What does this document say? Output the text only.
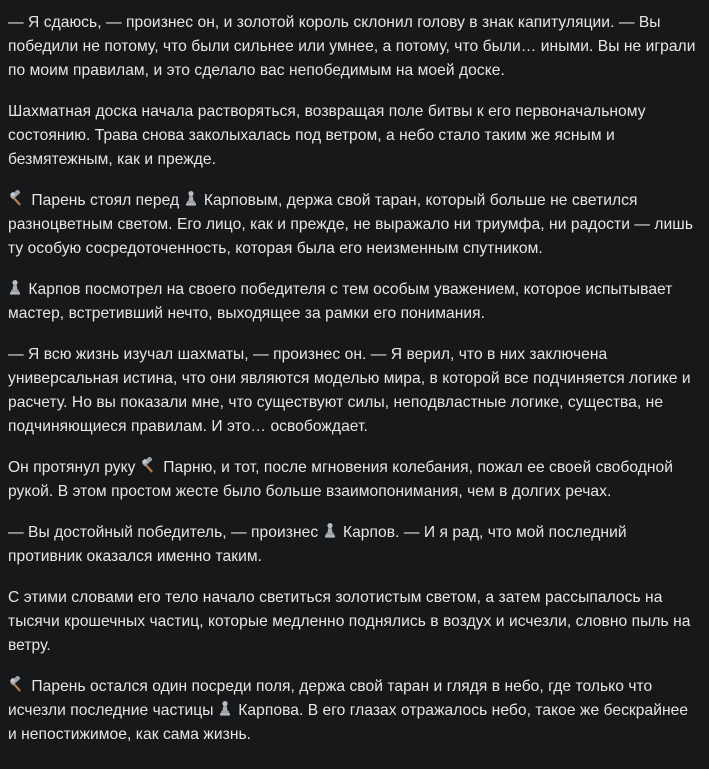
— Я сдаюсь, — произнес он, и золотой король склонил голову в знак капитуляции. — Вы победили не потому, что были сильнее или умнее, а потому, что были… иными. Вы не играли по моим правилам, и это сделало вас непобедимым на моей доске.

Шахматная доска начала растворяться, возвращая поле битвы к его первоначальному состоянию. Трава снова заколыхалась под ветром, а небо стало таким же ясным и безмятежным, как и прежде.

Парень стоял перед
Карповым, держа свой таран, который больше не светился разноцветным светом. Его лицо, как и прежде, не выражало ни триумфа, ни радости — лишь ту особую сосредоточенность, которая была его неизменным спутником.

Карпов посмотрел на своего победителя с тем особым уважением, которое испытывает мастер, встретивший нечто, выходящее за рамки его понимания.

— Я всю жизнь изучал шахматы, — произнес он. — Я верил, что в них заключена универсальная истина, что они являются моделью мира, в которой все подчиняется логике и расчету. Но вы показали мне, что существуют силы, неподвластные логике, существа, не подчиняющиеся правилам. И это… освобождает.

Он протянул руку
Парню, и тот, после мгновения колебания, пожал ее своей свободной рукой. В этом простом жесте было больше взаимопонимания, чем в долгих речах.

— Вы достойный победитель, — произнес
Карпов. — И я рад, что мой последний противник оказался именно таким.

С этими словами его тело начало светиться золотистым светом, а затем рассыпалось на тысячи крошечных частиц, которые медленно поднялись в воздух и исчезли, словно пыль на ветру.

Парень остался один посреди поля, держа свой таран и глядя в небо, где только что исчезли последние частицы
Карпова. В его глазах отражалось небо, такое же бескрайнее и непостижимое, как сама жизнь.
